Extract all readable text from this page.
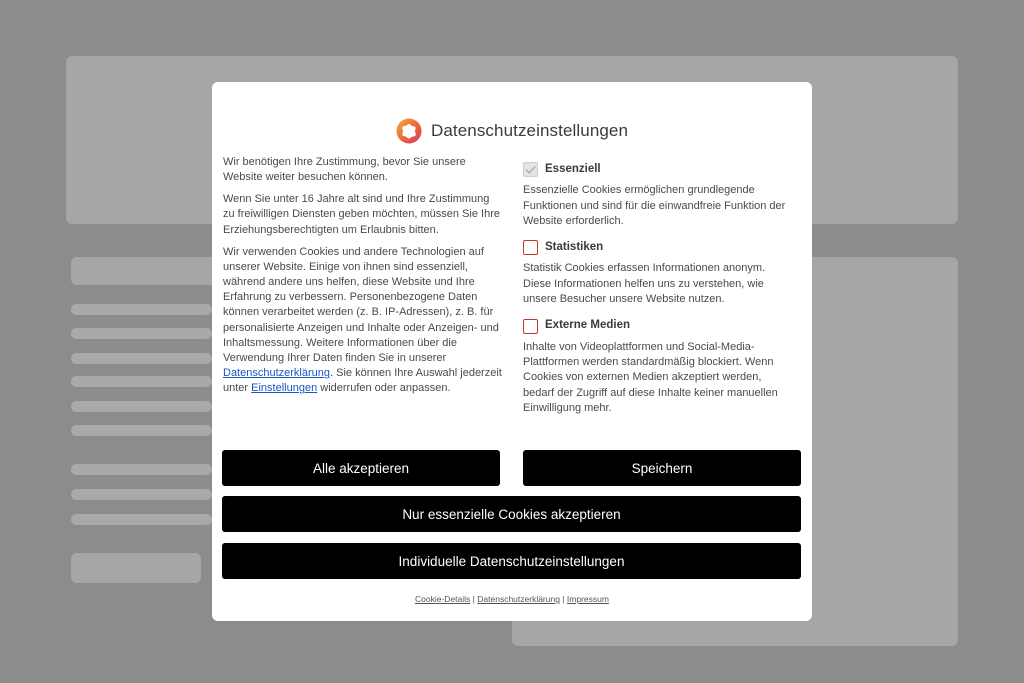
Datenschutzeinstellungen

Wir benötigen Ihre Zustimmung, bevor Sie unsere Website weiter besuchen können.

Wenn Sie unter 16 Jahre alt sind und Ihre Zustimmung zu freiwilligen Diensten geben möchten, müssen Sie Ihre Erziehungsberechtigten um Erlaubnis bitten.

Wir verwenden Cookies und andere Technologien auf unserer Website. Einige von ihnen sind essenziell, während andere uns helfen, diese Website und Ihre Erfahrung zu verbessern. Personenbezogene Daten können verarbeitet werden (z. B. IP-Adressen), z. B. für personalisierte Anzeigen und Inhalte oder Anzeigen- und Inhaltsmessung. Weitere Informationen über die Verwendung Ihrer Daten finden Sie in unserer Datenschutzerklärung. Sie können Ihre Auswahl jederzeit unter Einstellungen widerrufen oder anpassen.

Essenziell
Essenzielle Cookies ermöglichen grundlegende Funktionen und sind für die einwandfreie Funktion der Website erforderlich.
Statistiken
Statistik Cookies erfassen Informationen anonym. Diese Informationen helfen uns zu verstehen, wie unsere Besucher unsere Website nutzen.
Externe Medien
Inhalte von Videoplattformen und Social-Media-Plattformen werden standardmäßig blockiert. Wenn Cookies von externen Medien akzeptiert werden, bedarf der Zugriff auf diese Inhalte keiner manuellen Einwilligung mehr.
Alle akzeptieren	Speichern
Nur essenzielle Cookies akzeptieren
Individuelle Datenschutzeinstellungen
Cookie-Details | Datenschutzerklärung | Impressum
